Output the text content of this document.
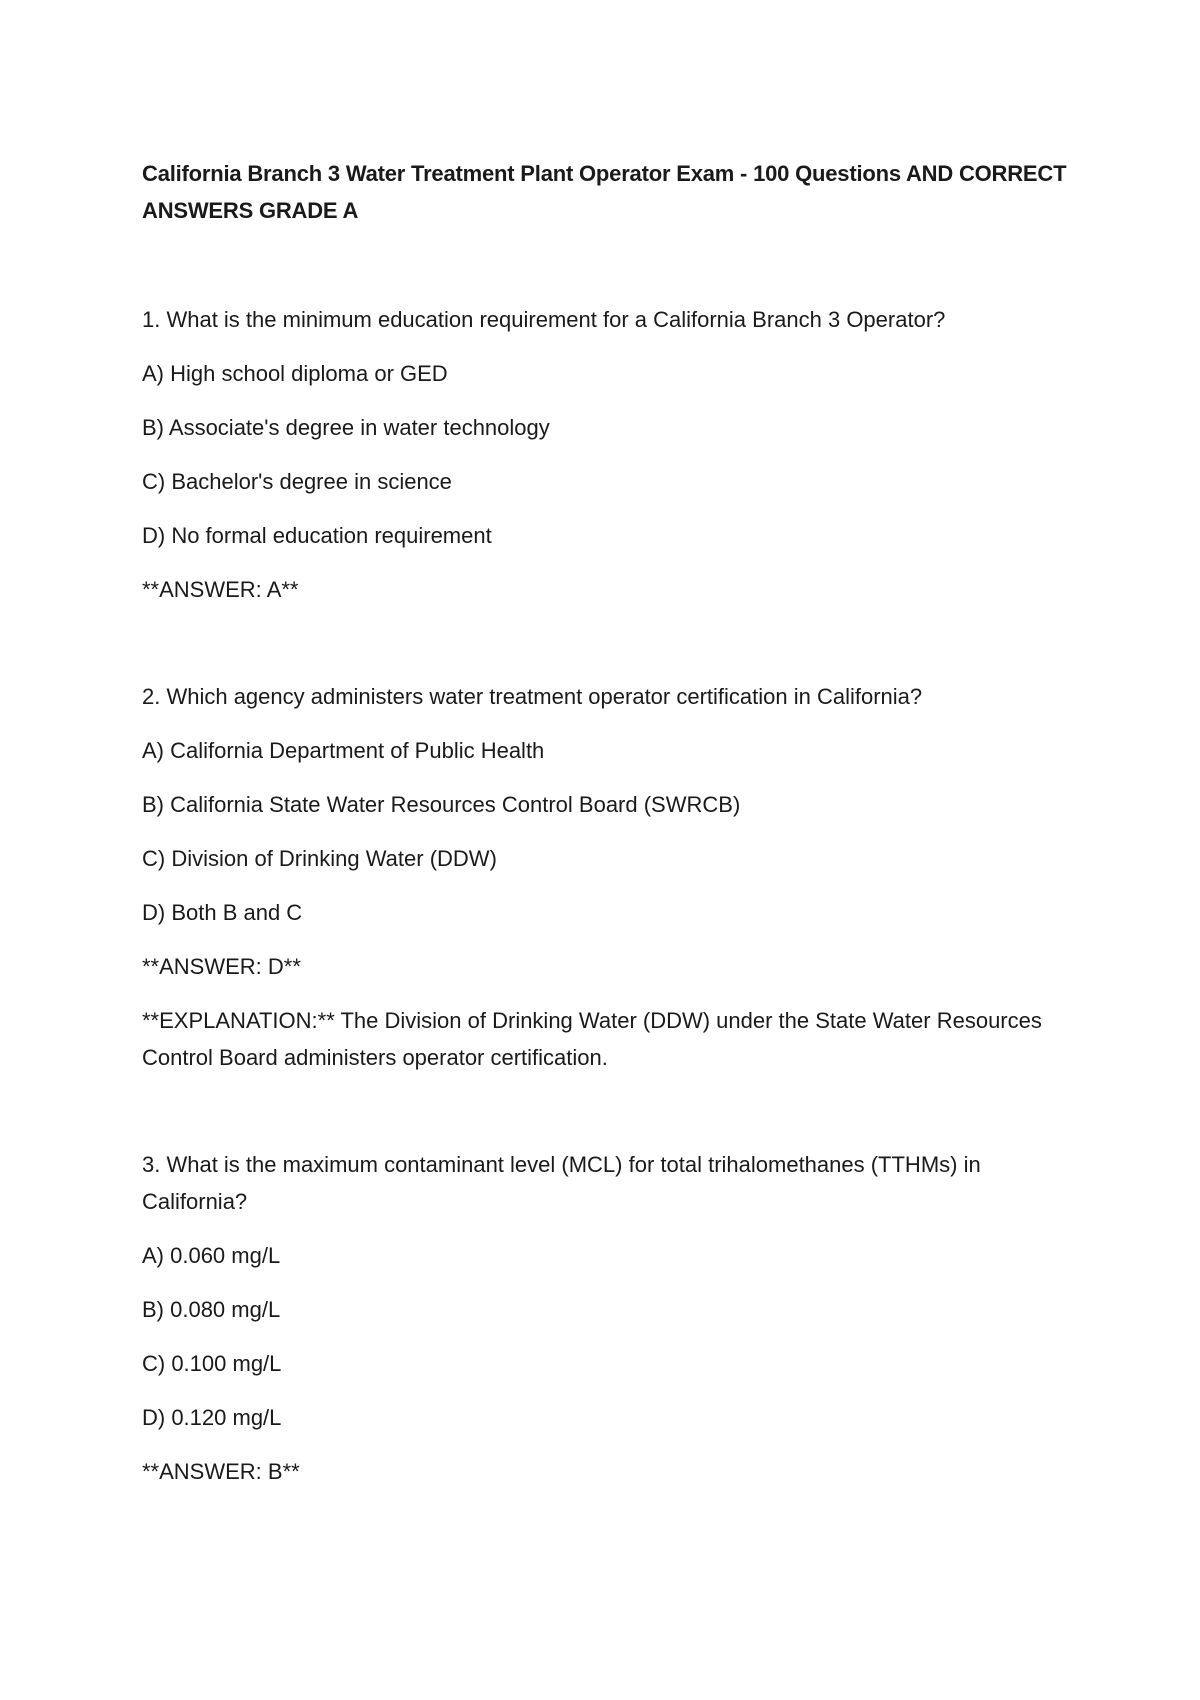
California Branch 3 Water Treatment Plant Operator Exam - 100 Questions AND CORRECT ANSWERS GRADE A

1. What is the minimum education requirement for a California Branch 3 Operator?

A) High school diploma or GED

B) Associate's degree in water technology

C) Bachelor's degree in science

D) No formal education requirement

**ANSWER: A**

2. Which agency administers water treatment operator certification in California?

A) California Department of Public Health

B) California State Water Resources Control Board (SWRCB)

C) Division of Drinking Water (DDW)

D) Both B and C

**ANSWER: D**

**EXPLANATION:** The Division of Drinking Water (DDW) under the State Water Resources Control Board administers operator certification.

3. What is the maximum contaminant level (MCL) for total trihalomethanes (TTHMs) in California?

A) 0.060 mg/L

B) 0.080 mg/L

C) 0.100 mg/L

D) 0.120 mg/L

**ANSWER: B**
